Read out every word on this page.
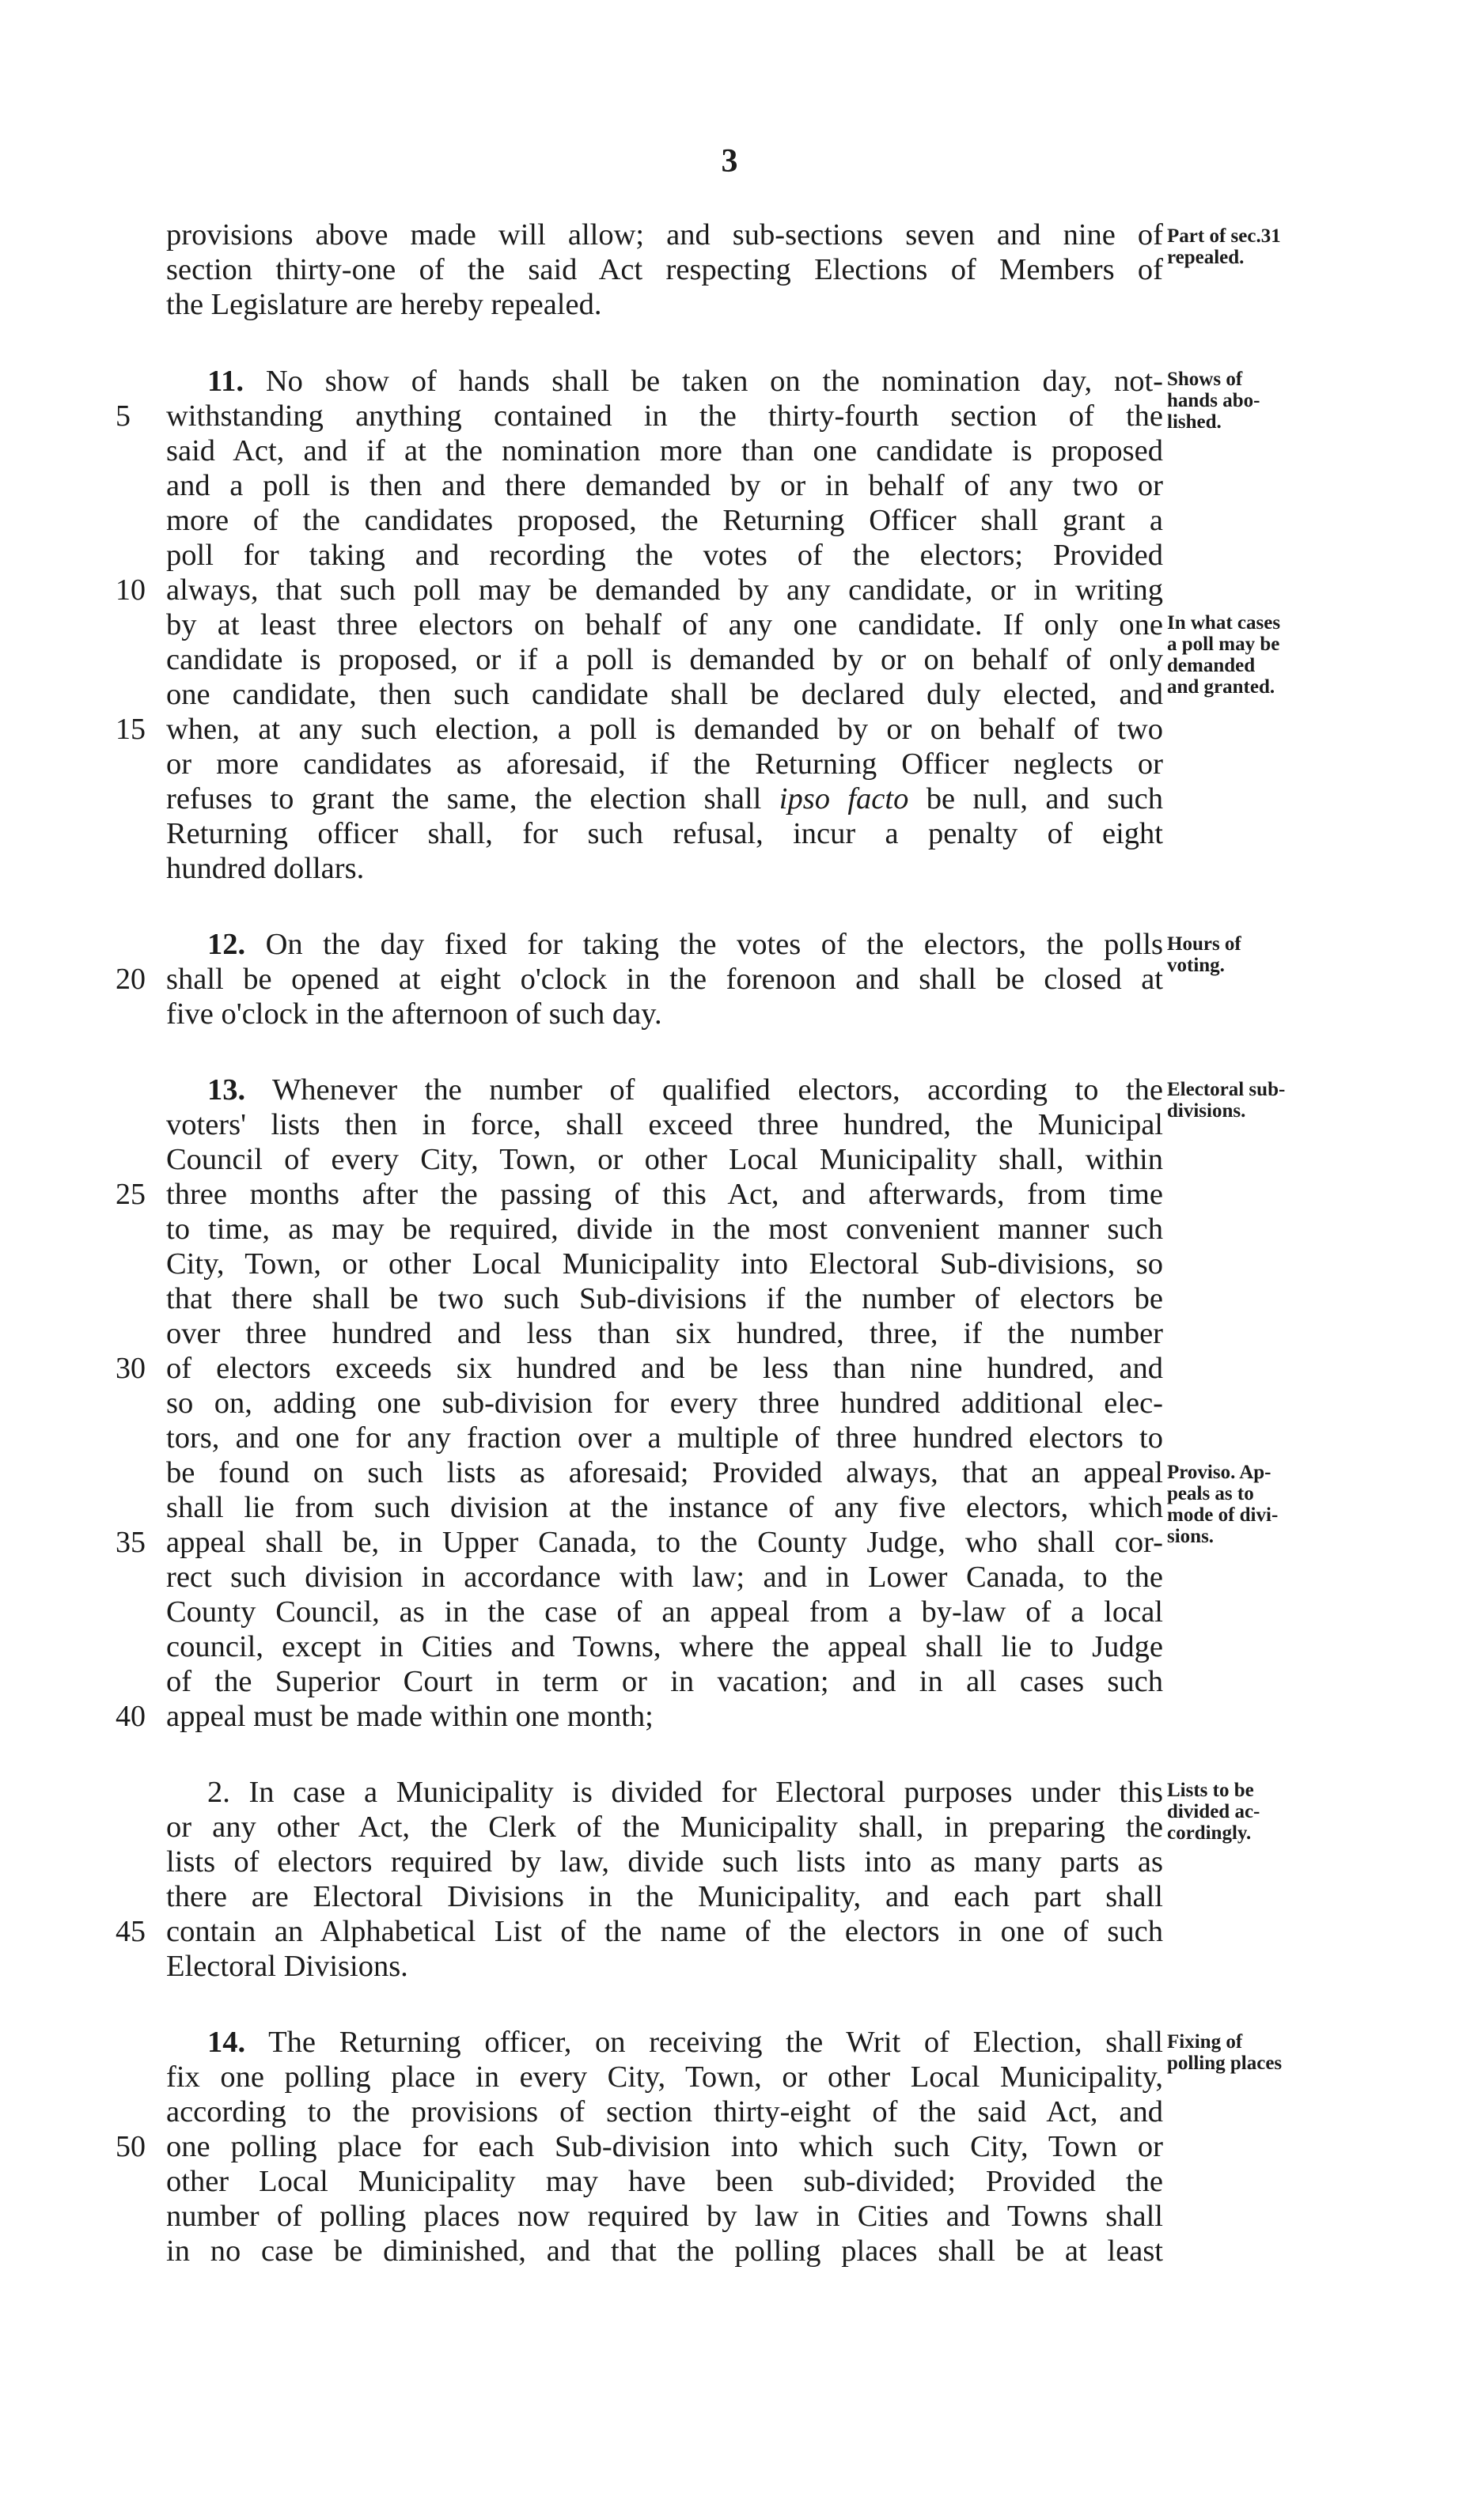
3
provisions above made will allow; and sub-sections seven and nine of
section thirty-one of the said Act respecting Elections of Members of
the Legislature are hereby repealed.
Part of sec.31
repealed.
11. No show of hands shall be taken on the nomination day, not-
5	withstanding anything contained in the thirty-fourth section of the
said Act, and if at the nomination more than one candidate is proposed
and a poll is then and there demanded by or in behalf of any two or
more of the candidates proposed, the Returning Officer shall grant a
poll for taking and recording the votes of the electors; Provided
10 always, that such poll may be demanded by any candidate, or in writing
by at least three electors on behalf of any one candidate. If only one
candidate is proposed, or if a poll is demanded by or on behalf of only
one candidate, then such candidate shall be declared duly elected, and
15 when, at any such election, a poll is demanded by or on behalf of two
or more candidates as aforesaid, if the Returning Officer neglects or
refuses to grant the same, the election shall ipso facto be null, and such
Returning officer shall, for such refusal, incur a penalty of eight
hundred dollars.
Shows of
hands abo-
lished.
In what cases
a poll may be
demanded
and granted.
12. On the day fixed for taking the votes of the electors, the polls
20 shall be opened at eight o'clock in the forenoon and shall be closed at
five o'clock in the afternoon of such day.
Hours of
voting.
13. Whenever the number of qualified electors, according to the
voters' lists then in force, shall exceed three hundred, the Municipal
Council of every City, Town, or other Local Municipality shall, within
25 three months after the passing of this Act, and afterwards, from time
to time, as may be required, divide in the most convenient manner such
City, Town, or other Local Municipality into Electoral Sub-divisions, so
that there shall be two such Sub-divisions if the number of electors be
over three hundred and less than six hundred, three, if the number
30 of electors exceeds six hundred and be less than nine hundred, and
so on, adding one sub-division for every three hundred additional elec-
tors, and one for any fraction over a multiple of three hundred electors to
be found on such lists as aforesaid; Provided always, that an appeal
shall lie from such division at the instance of any five electors, which
35 appeal shall be, in Upper Canada, to the County Judge, who shall cor-
rect such division in accordance with law; and in Lower Canada, to the
County Council, as in the case of an appeal from a by-law of a local
council, except in Cities and Towns, where the appeal shall lie to Judge
of the Superior Court in term or in vacation; and in all cases such
40 appeal must be made within one month;
Electoral sub-
divisions.
Proviso. Ap-
peals as to
mode of divi-
sions.
2. In case a Municipality is divided for Electoral purposes under this
or any other Act, the Clerk of the Municipality shall, in preparing the
lists of electors required by law, divide such lists into as many parts as
there are Electoral Divisions in the Municipality, and each part shall
45 contain an Alphabetical List of the name of the electors in one of such
Electoral Divisions.
Lists to be
divided ac-
cordingly.
14. The Returning officer, on receiving the Writ of Election, shall
fix one polling place in every City, Town, or other Local Municipality,
according to the provisions of section thirty-eight of the said Act, and
50 one polling place for each Sub-division into which such City, Town or
other Local Municipality may have been sub-divided; Provided the
number of polling places now required by law in Cities and Towns shall
in no case be diminished, and that the polling places shall be at least
Fixing of
polling places
